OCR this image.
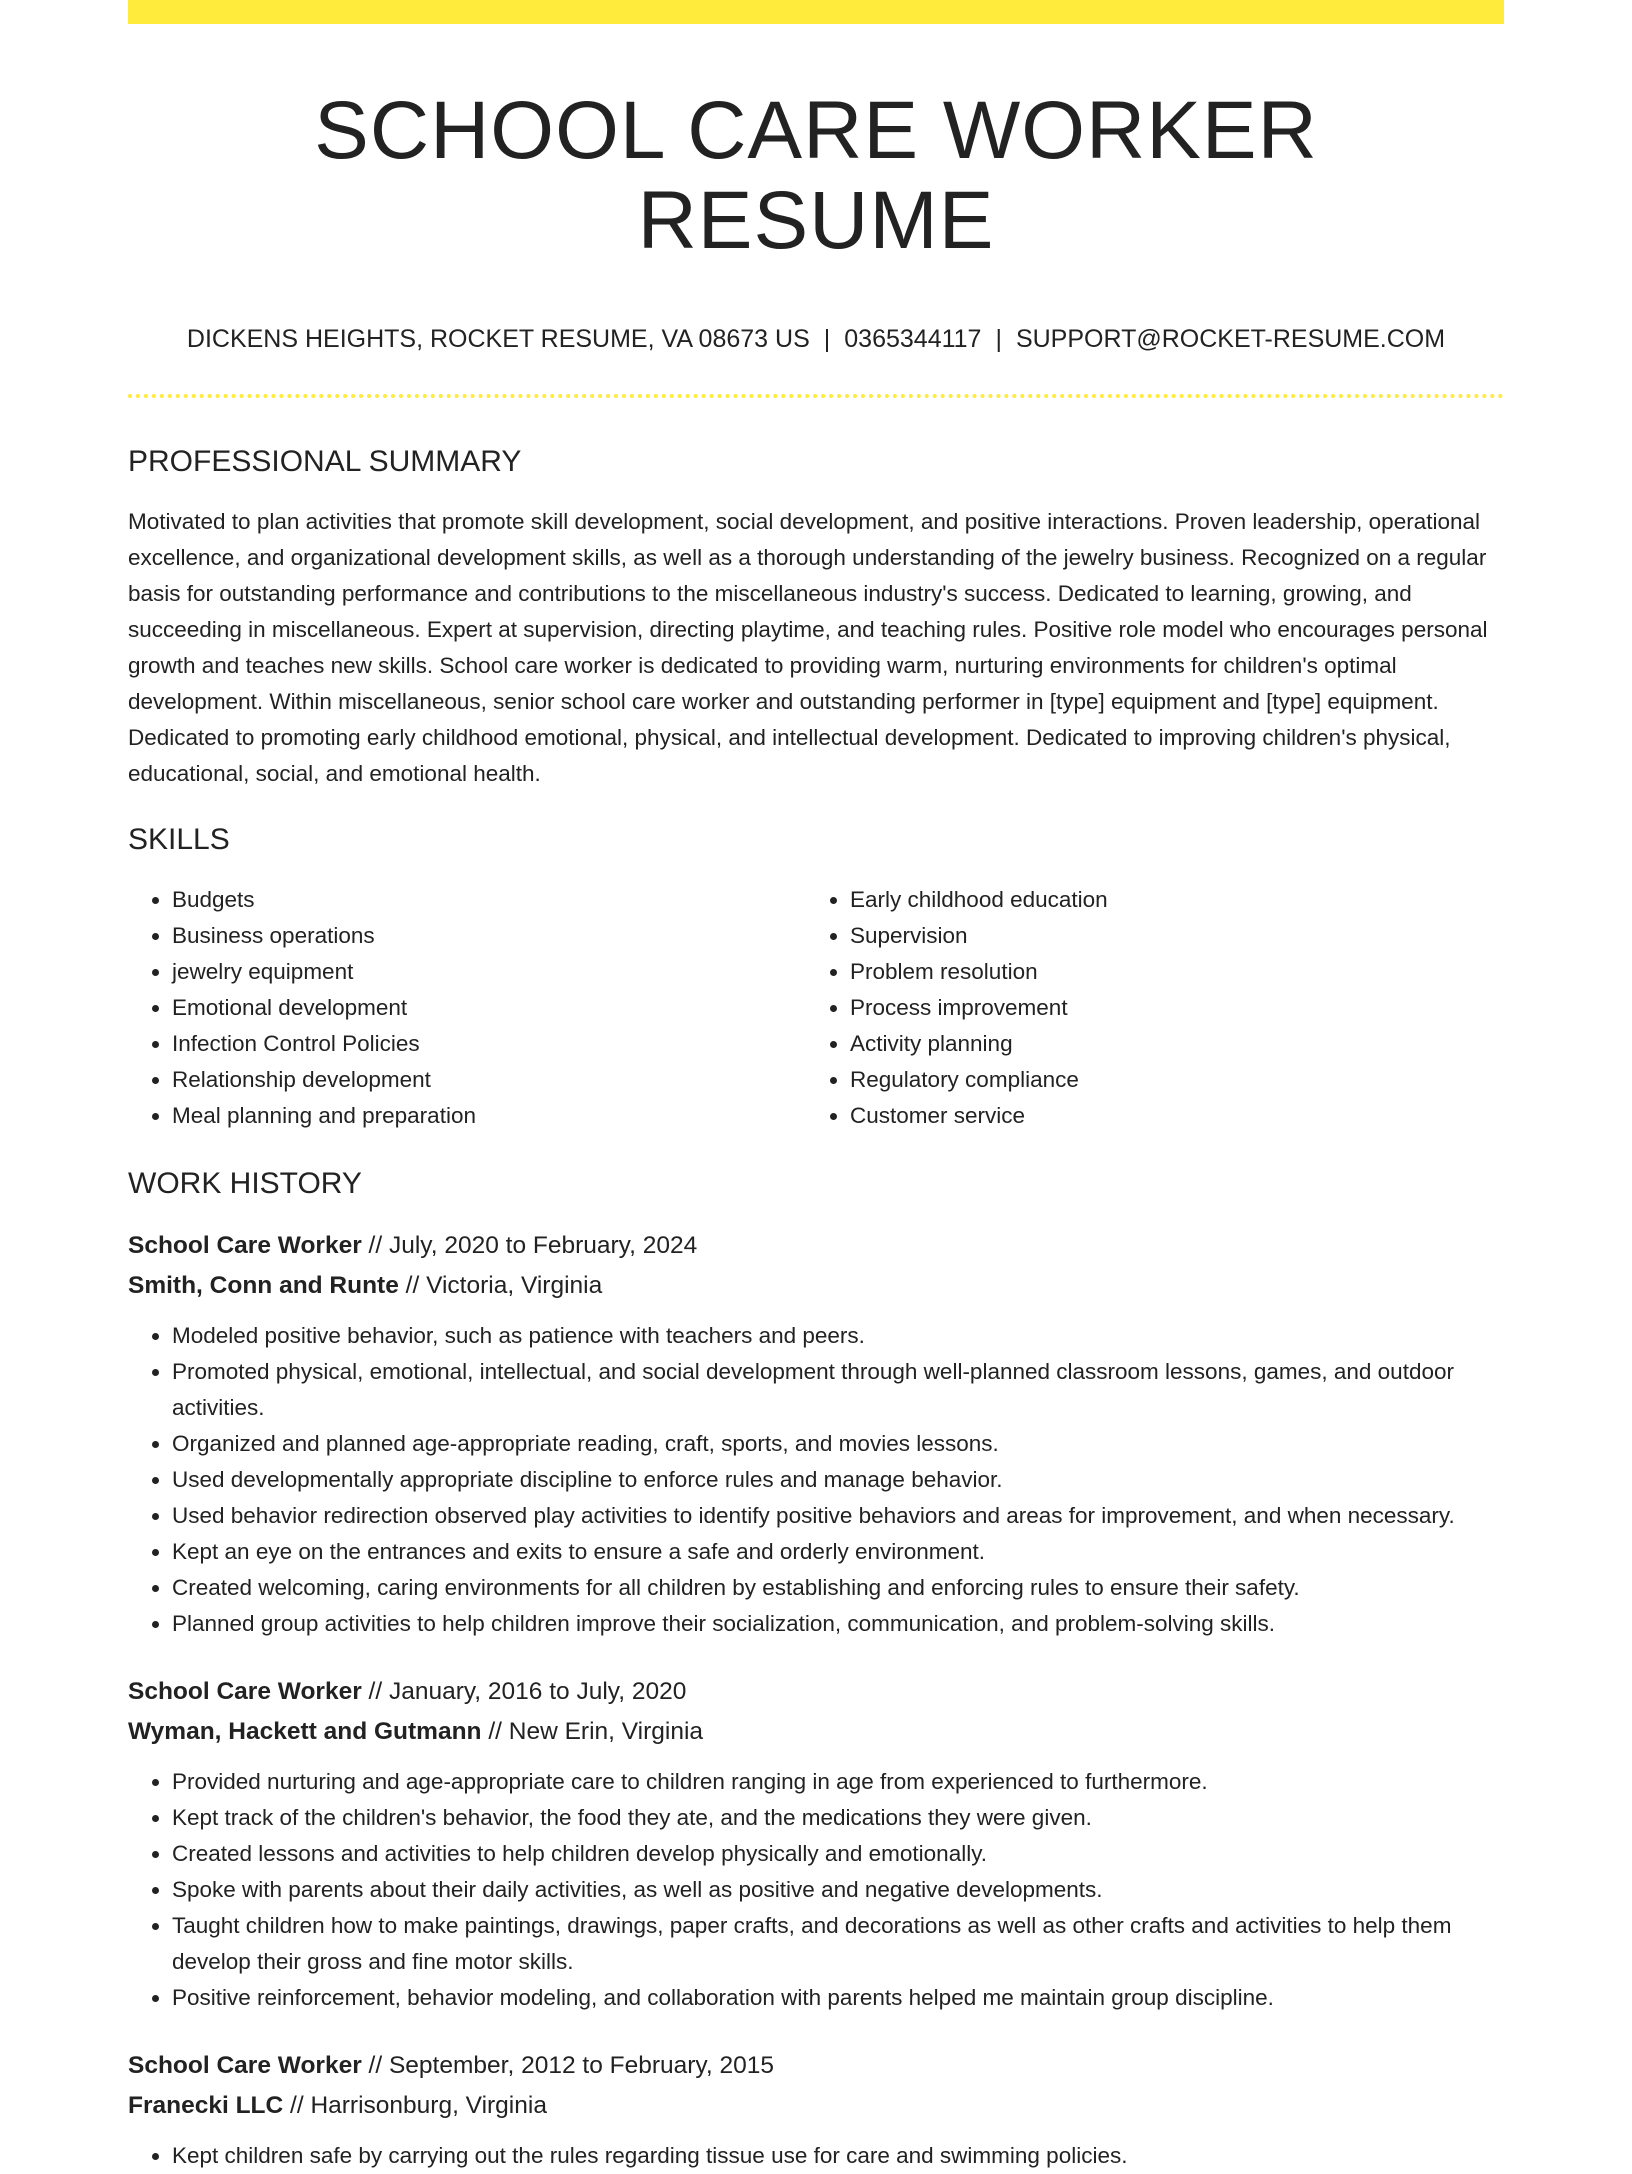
SCHOOL CARE WORKER RESUME
DICKENS HEIGHTS, ROCKET RESUME, VA 08673 US | 0365344117 | SUPPORT@ROCKET-RESUME.COM
PROFESSIONAL SUMMARY
Motivated to plan activities that promote skill development, social development, and positive interactions. Proven leadership, operational excellence, and organizational development skills, as well as a thorough understanding of the jewelry business. Recognized on a regular basis for outstanding performance and contributions to the miscellaneous industry's success. Dedicated to learning, growing, and succeeding in miscellaneous. Expert at supervision, directing playtime, and teaching rules. Positive role model who encourages personal growth and teaches new skills. School care worker is dedicated to providing warm, nurturing environments for children's optimal development. Within miscellaneous, senior school care worker and outstanding performer in [type] equipment and [type] equipment. Dedicated to promoting early childhood emotional, physical, and intellectual development. Dedicated to improving children's physical, educational, social, and emotional health.
SKILLS
• Budgets
• Business operations
• jewelry equipment
• Emotional development
• Infection Control Policies
• Relationship development
• Meal planning and preparation
• Early childhood education
• Supervision
• Problem resolution
• Process improvement
• Activity planning
• Regulatory compliance
• Customer service
WORK HISTORY
School Care Worker // July, 2020 to February, 2024
Smith, Conn and Runte // Victoria, Virginia
• Modeled positive behavior, such as patience with teachers and peers.
• Promoted physical, emotional, intellectual, and social development through well-planned classroom lessons, games, and outdoor activities.
• Organized and planned age-appropriate reading, craft, sports, and movies lessons.
• Used developmentally appropriate discipline to enforce rules and manage behavior.
• Used behavior redirection observed play activities to identify positive behaviors and areas for improvement, and when necessary.
• Kept an eye on the entrances and exits to ensure a safe and orderly environment.
• Created welcoming, caring environments for all children by establishing and enforcing rules to ensure their safety.
• Planned group activities to help children improve their socialization, communication, and problem-solving skills.
School Care Worker // January, 2016 to July, 2020
Wyman, Hackett and Gutmann // New Erin, Virginia
• Provided nurturing and age-appropriate care to children ranging in age from experienced to furthermore.
• Kept track of the children's behavior, the food they ate, and the medications they were given.
• Created lessons and activities to help children develop physically and emotionally.
• Spoke with parents about their daily activities, as well as positive and negative developments.
• Taught children how to make paintings, drawings, paper crafts, and decorations as well as other crafts and activities to help them develop their gross and fine motor skills.
• Positive reinforcement, behavior modeling, and collaboration with parents helped me maintain group discipline.
School Care Worker // September, 2012 to February, 2015
Franecki LLC // Harrisonburg, Virginia
• Kept children safe by carrying out the rules regarding tissue use for care and swimming policies.
